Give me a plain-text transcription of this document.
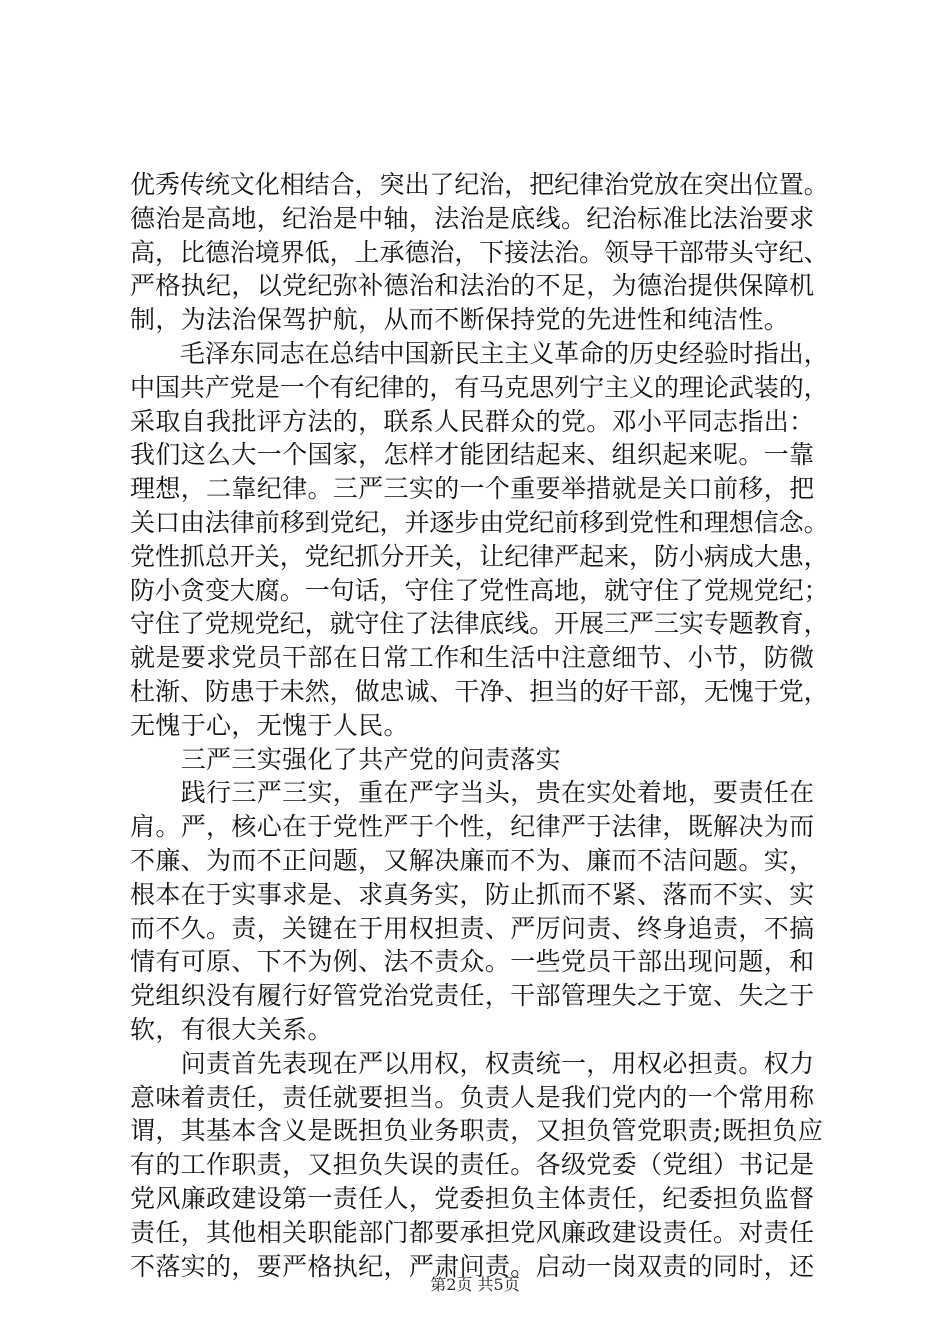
优秀传统文化相结合，突出了纪治，把纪律治党放在突出位置。
德治是高地，纪治是中轴，法治是底线。纪治标准比法治要求
高，比德治境界低，上承德治，下接法治。领导干部带头守纪、
严格执纪，以党纪弥补德治和法治的不足，为德治提供保障机
制，为法治保驾护航，从而不断保持党的先进性和纯洁性。
　　毛泽东同志在总结中国新民主主义革命的历史经验时指出，
中国共产党是一个有纪律的，有马克思列宁主义的理论武装的，
采取自我批评方法的，联系人民群众的党。邓小平同志指出：
我们这么大一个国家，怎样才能团结起来、组织起来呢。一靠
理想，二靠纪律。三严三实的一个重要举措就是关口前移，把
关口由法律前移到党纪，并逐步由党纪前移到党性和理想信念。
党性抓总开关，党纪抓分开关，让纪律严起来，防小病成大患，
防小贪变大腐。一句话，守住了党性高地，就守住了党规党纪；
守住了党规党纪，就守住了法律底线。开展三严三实专题教育，
就是要求党员干部在日常工作和生活中注意细节、小节，防微
杜渐、防患于未然，做忠诚、干净、担当的好干部，无愧于党，
无愧于心，无愧于人民。
　　三严三实强化了共产党的问责落实
　　践行三严三实，重在严字当头，贵在实处着地，要责任在
肩。严，核心在于党性严于个性，纪律严于法律，既解决为而
不廉、为而不正问题，又解决廉而不为、廉而不洁问题。实，
根本在于实事求是、求真务实，防止抓而不紧、落而不实、实
而不久。责，关键在于用权担责、严厉问责、终身追责，不搞
情有可原、下不为例、法不责众。一些党员干部出现问题，和
党组织没有履行好管党治党责任，干部管理失之于宽、失之于
软，有很大关系。
　　问责首先表现在严以用权，权责统一，用权必担责。权力
意味着责任，责任就要担当。负责人是我们党内的一个常用称
谓，其基本含义是既担负业务职责，又担负管党职责;既担负应
有的工作职责，又担负失误的责任。各级党委（党组）书记是
党风廉政建设第一责任人，党委担负主体责任，纪委担负监督
责任，其他相关职能部门都要承担党风廉政建设责任。对责任
不落实的，要严格执纪，严肃问责。启动一岗双责的同时，还
第2页 共5页
